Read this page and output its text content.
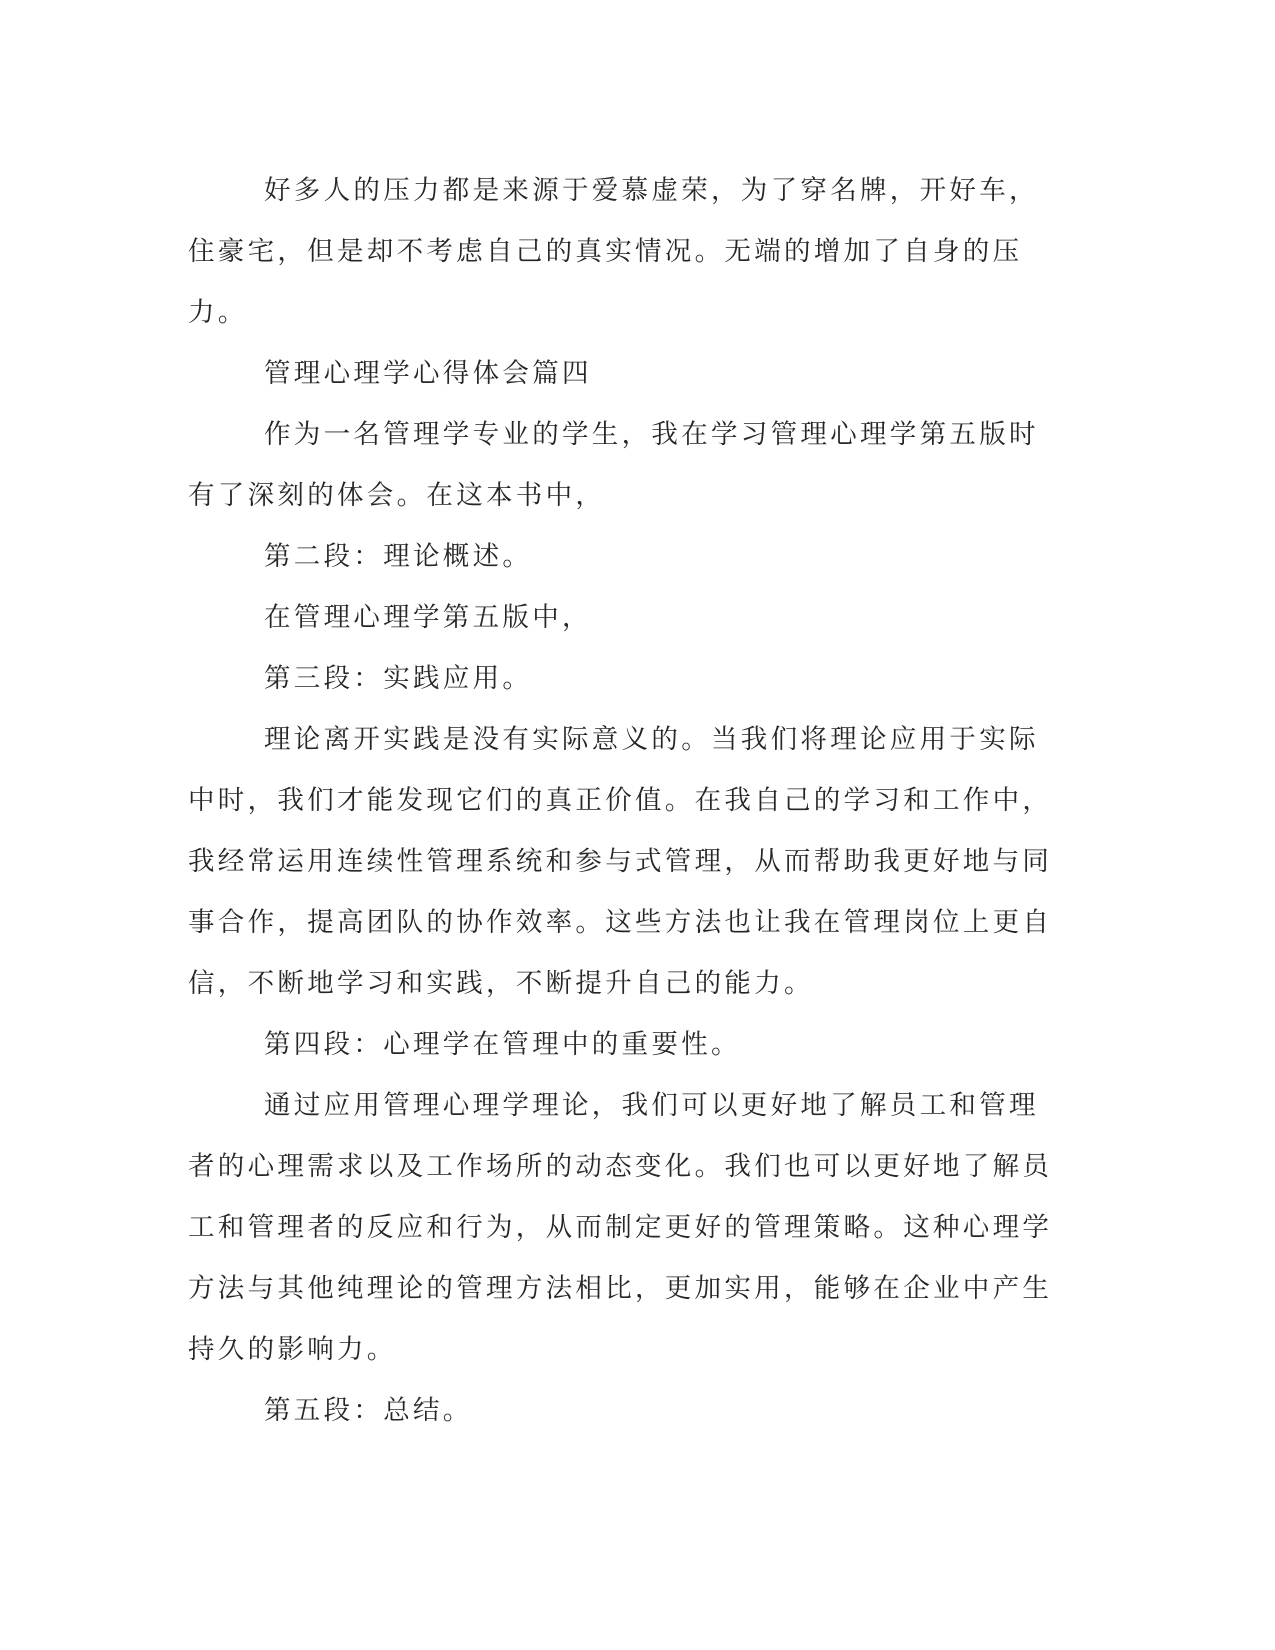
好多人的压力都是来源于爱慕虚荣，为了穿名牌，开好车，住豪宅，但是却不考虑自己的真实情况。无端的增加了自身的压力。

管理心理学心得体会篇四

作为一名管理学专业的学生，我在学习管理心理学第五版时有了深刻的体会。在这本书中，

第二段：理论概述。

在管理心理学第五版中，

第三段：实践应用。

理论离开实践是没有实际意义的。当我们将理论应用于实际中时，我们才能发现它们的真正价值。在我自己的学习和工作中，我经常运用连续性管理系统和参与式管理，从而帮助我更好地与同事合作，提高团队的协作效率。这些方法也让我在管理岗位上更自信，不断地学习和实践，不断提升自己的能力。

第四段：心理学在管理中的重要性。

通过应用管理心理学理论，我们可以更好地了解员工和管理者的心理需求以及工作场所的动态变化。我们也可以更好地了解员工和管理者的反应和行为，从而制定更好的管理策略。这种心理学方法与其他纯理论的管理方法相比，更加实用，能够在企业中产生持久的影响力。

第五段：总结。
